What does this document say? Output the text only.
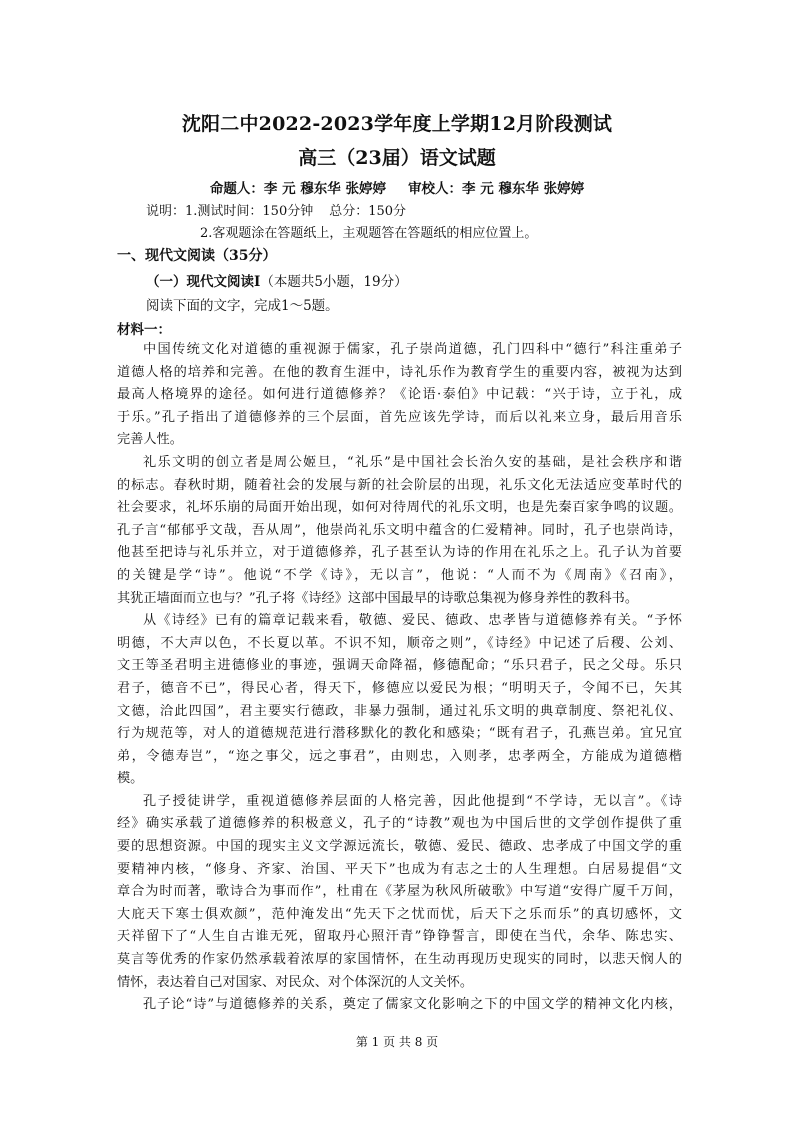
沈阳二中2022-2023学年度上学期12月阶段测试
高三（23届）语文试题
命题人：李 元 穆东华 张婷婷 审校人：李 元 穆东华 张婷婷
说明：1.测试时间：150分钟 总分：150分
2.客观题涂在答题纸上，主观题答在答题纸的相应位置上。
一、现代文阅读（35分）
（一）现代文阅读Ⅰ（本题共5小题，19分）
阅读下面的文字，完成1～5题。
材料一：
中国传统文化对道德的重视源于儒家，孔子崇尚道德，孔门四科中“德行”科注重弟子
道德人格的培养和完善。在他的教育生涯中，诗礼乐作为教育学生的重要内容，被视为达到
最高人格境界的途径。如何进行道德修养？《论语·泰伯》中记载：“兴于诗，立于礼，成
于乐。”孔子指出了道德修养的三个层面，首先应该先学诗，而后以礼来立身，最后用音乐
完善人性。
礼乐文明的创立者是周公姬旦，“礼乐”是中国社会长治久安的基础，是社会秩序和谐
的标志。春秋时期，随着社会的发展与新的社会阶层的出现，礼乐文化无法适应变革时代的
社会要求，礼坏乐崩的局面开始出现，如何对待周代的礼乐文明，也是先秦百家争鸣的议题。
孔子言“郁郁乎文哉，吾从周”，他崇尚礼乐文明中蕴含的仁爱精神。同时，孔子也崇尚诗，
他甚至把诗与礼乐并立，对于道德修养，孔子甚至认为诗的作用在礼乐之上。孔子认为首要
的关键是学“诗”。他说“不学《诗》，无以言”，他说：“人而不为《周南》《召南》，
其犹正墙面而立也与？”孔子将《诗经》这部中国最早的诗歌总集视为修身养性的教科书。
从《诗经》已有的篇章记载来看，敬德、爱民、德政、忠孝皆与道德修养有关。“予怀
明德，不大声以色，不长夏以革。不识不知，顺帝之则”，《诗经》中记述了后稷、公刘、
文王等圣君明主进德修业的事迹，强调天命降福，修德配命；“乐只君子，民之父母。乐只
君子，德音不已”，得民心者，得天下，修德应以爱民为根；“明明天子，令闻不已，矢其
文德，洽此四国”，君主要实行德政，非暴力强制，通过礼乐文明的典章制度、祭祀礼仪、
行为规范等，对人的道德规范进行潜移默化的教化和感染；“既有君子，孔燕岂弟。宜兄宜
弟，令德寿岂”，“迩之事父，远之事君”，由则忠，入则孝，忠孝两全，方能成为道德楷
模。
孔子授徒讲学，重视道德修养层面的人格完善，因此他提到“不学诗，无以言”。《诗
经》确实承载了道德修养的积极意义，孔子的“诗教”观也为中国后世的文学创作提供了重
要的思想资源。中国的现实主义文学源远流长，敬德、爱民、德政、忠孝成了中国文学的重
要精神内核，“修身、齐家、治国、平天下”也成为有志之士的人生理想。白居易提倡“文
章合为时而著，歌诗合为事而作”，杜甫在《茅屋为秋风所破歌》中写道“安得广厦千万间，
大庇天下寒士俱欢颜”，范仲淹发出“先天下之忧而忧，后天下之乐而乐”的真切感怀，文
天祥留下了“人生自古谁无死，留取丹心照汗青”铮铮誓言，即使在当代，余华、陈忠实、
莫言等优秀的作家仍然承载着浓厚的家国情怀，在生动再现历史现实的同时，以悲天悯人的
情怀，表达着自己对国家、对民众、对个体深沉的人文关怀。
孔子论“诗”与道德修养的关系，奠定了儒家文化影响之下的中国文学的精神文化内核，
第 1 页 共 8 页
